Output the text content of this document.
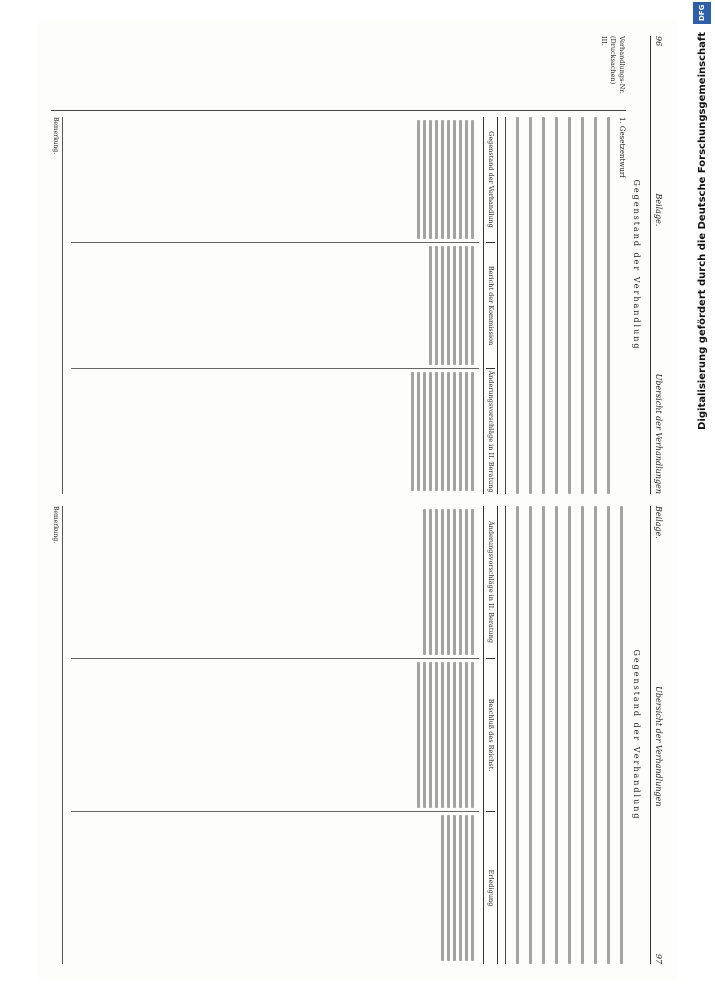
96
Beilage.
Übersicht der Verhandlungen
Gegenstand der Verhandlung
Verhandlungs-Nr.
(Drucksachen)
III.
1. Gesetzentwurf
Gegenstand der Verhandlung
Bericht der Kommission
Änderungsvorschläge in II. Beratung
Bemerkung.
Beilage.
Übersicht der Verhandlungen
97
Gegenstand der Verhandlung
Änderungsvorschläge in II. Beratung
Beschluß des Reichst.
Erledigung
Bemerkung.
DFG
Digitalisierung gefördert durch die Deutsche Forschungsgemeinschaft
